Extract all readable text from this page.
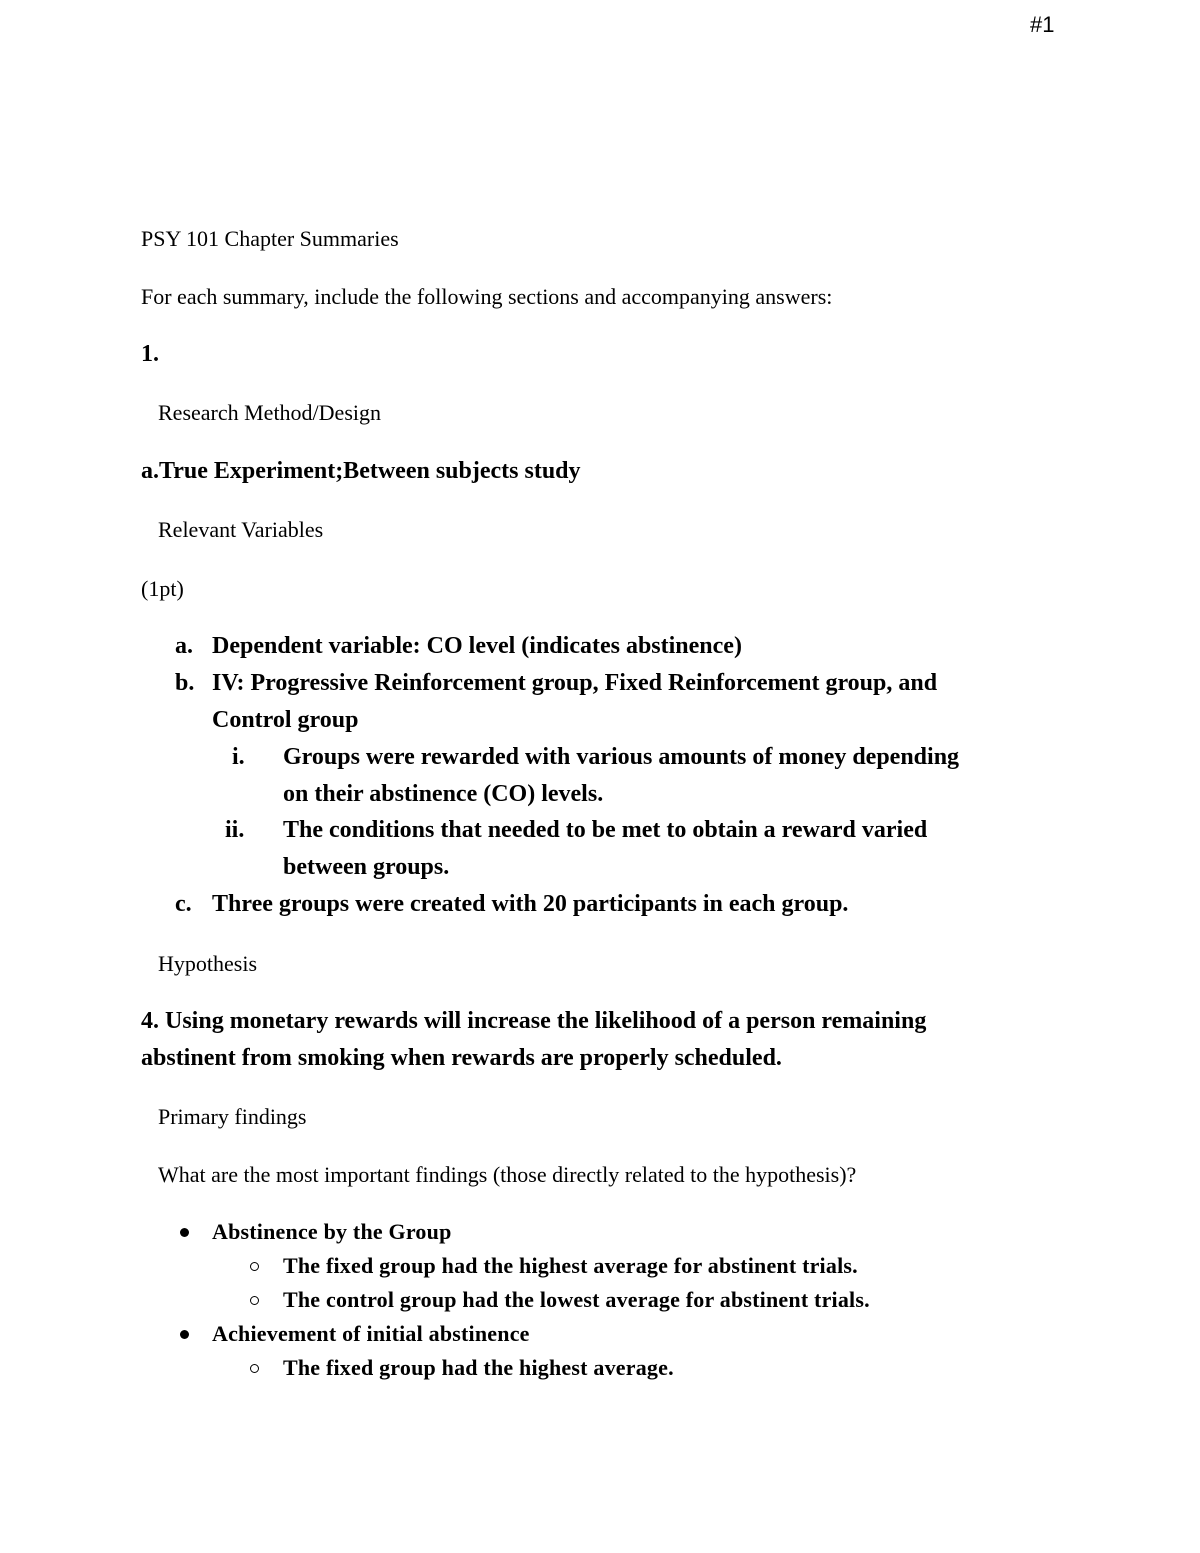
#1
PSY 101 Chapter Summaries
For each summary, include the following sections and accompanying answers:
1.
Research Method/Design
a.True Experiment;Between subjects study
Relevant Variables
(1pt)
a. Dependent variable: CO level (indicates abstinence)
b. IV: Progressive Reinforcement group, Fixed Reinforcement group, and
Control group
i. Groups were rewarded with various amounts of money depending
on their abstinence (CO) levels.
ii. The conditions that needed to be met to obtain a reward varied
between groups.
c. Three groups were created with 20 participants in each group.
Hypothesis
4. Using monetary rewards will increase the likelihood of a person remaining
abstinent from smoking when rewards are properly scheduled.
Primary findings
What are the most important findings (those directly related to the hypothesis)?
Abstinence by the Group
The fixed group had the highest average for abstinent trials.
The control group had the lowest average for abstinent trials.
Achievement of initial abstinence
The fixed group had the highest average.
